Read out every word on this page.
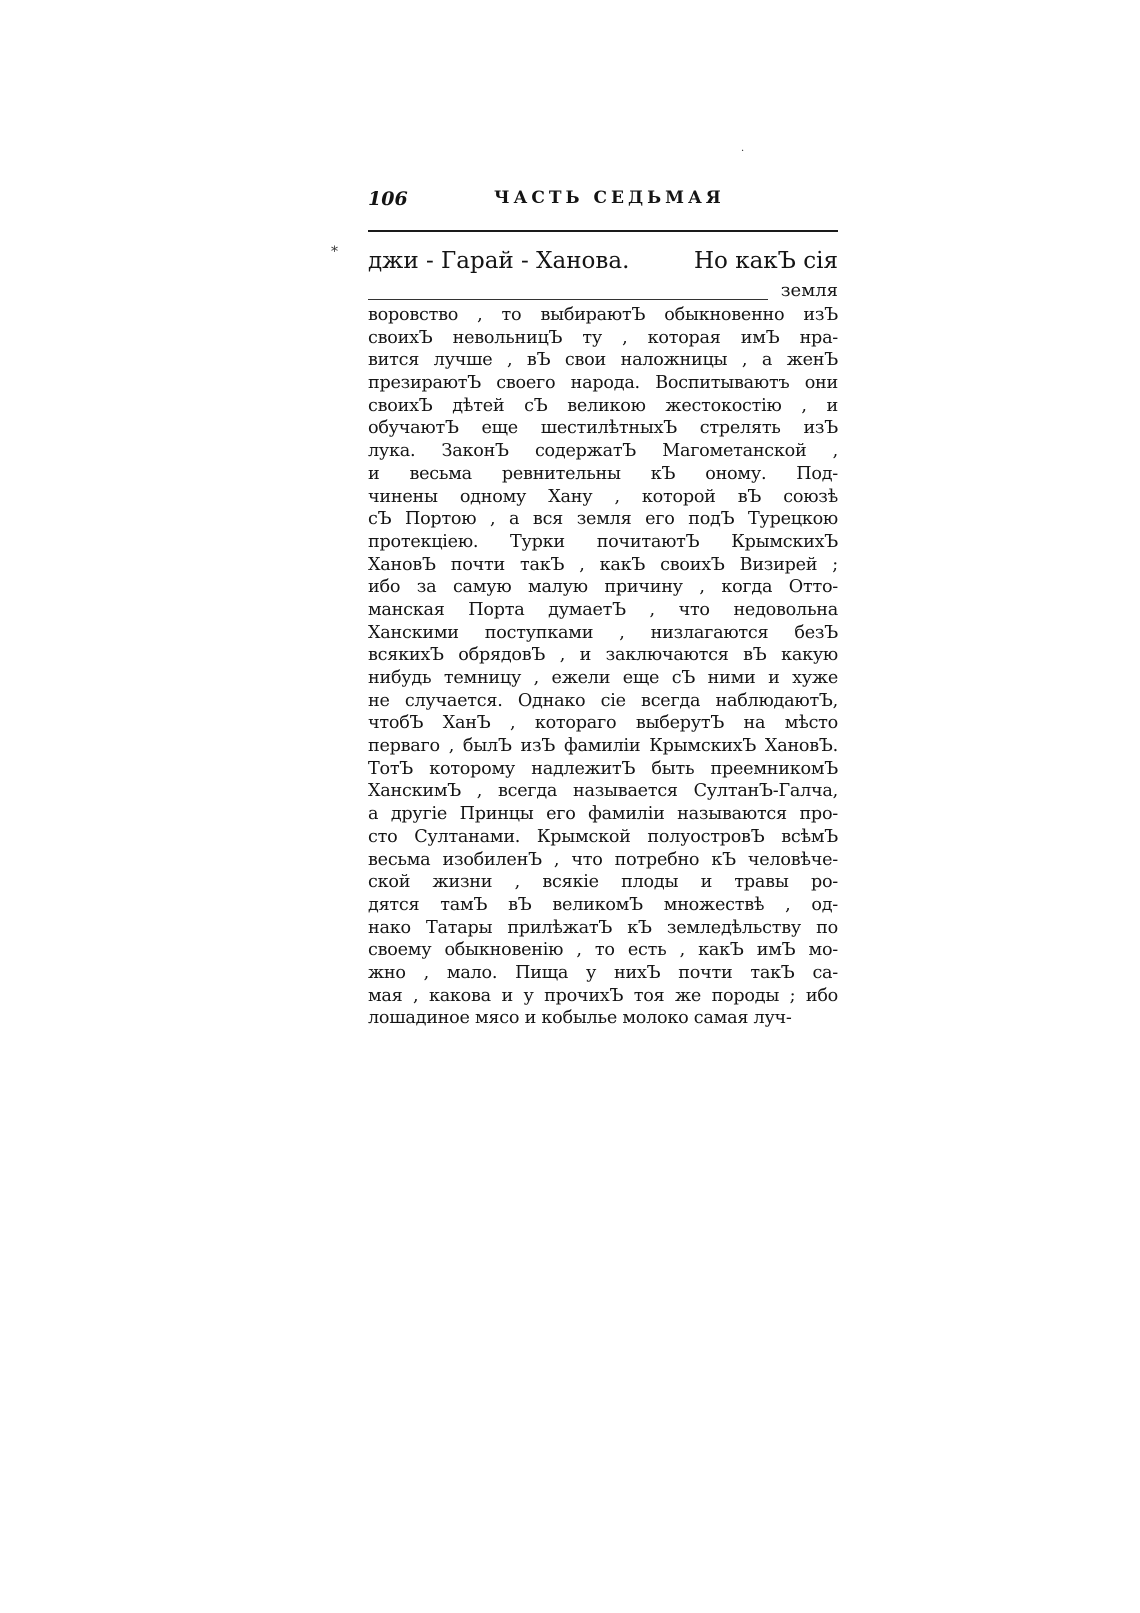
106	ЧАСТЬ СЕДЬМАЯ
*
·
джи - Гарай - Ханова.	Но какЪ сія
земля
воровство , то выбираютЪ обыкновенно изЪ
своихЪ невольницЪ ту , которая имЪ нра-
вится лучше , вЪ свои наложницы , а женЪ
презираютЪ своего народа. Воспитываютъ они
своихЪ дѣтей сЪ великою жестокостію , и
обучаютЪ еще шестилѣтныхЪ стрелять изЪ
лука. ЗаконЪ содержатЪ Магометанской ,
и весьма ревнительны кЪ оному. Под-
чинены одному Хану , которой вЪ союзѣ
сЪ Портою , а вся земля его подЪ Турецкою
протекціею. Турки почитаютЪ КрымскихЪ
ХановЪ почти такЪ , какЪ своихЪ Визирей ;
ибо за самую малую причину , когда Отто-
манская Порта думаетЪ , что недовольна
Ханскими поступками , низлагаются безЪ
всякихЪ обрядовЪ , и заключаются вЪ какую
нибудь темницу , ежели еще сЪ ними и хуже
не случается. Однако сіе всегда наблюдаютЪ,
чтобЪ ХанЪ , котораго выберутЪ на мѣсто
перваго , былЪ изЪ фамиліи КрымскихЪ ХановЪ.
ТотЪ которому надлежитЪ быть преемникомЪ
ХанскимЪ , всегда называется СултанЪ-Галча,
а другіе Принцы его фамиліи называются про-
сто Султанами. Крымской полуостровЪ всѣмЪ
весьма изобиленЪ , что потребно кЪ человѣче-
ской жизни , всякіе плоды и травы ро-
дятся тамЪ вЪ великомЪ множествѣ , од-
нако Татары прилѣжатЪ кЪ земледѣльству по
своему обыкновенію , то есть , какЪ имЪ мо-
жно , мало. Пища у нихЪ почти такЪ са-
мая , какова и у прочихЪ тоя же породы ; ибо
лошадиное мясо и кобылье молоко самая луч-
